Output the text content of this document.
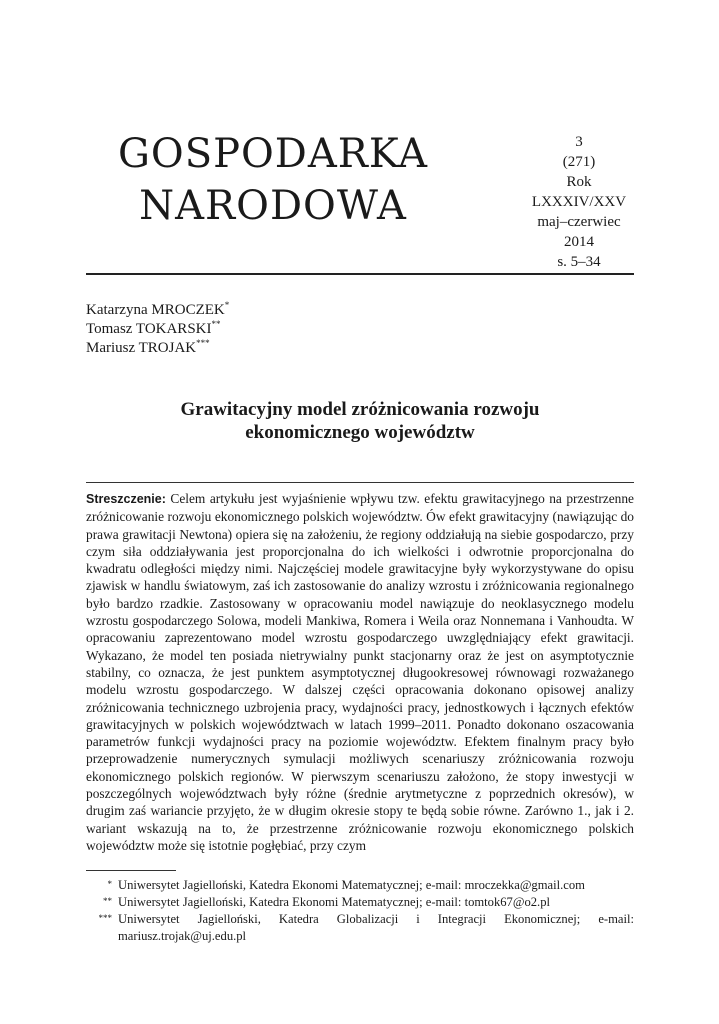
GOSPODARKA
NARODOWA
3
(271)
Rok LXXXIV/XXV
maj–czerwiec
2014
s. 5–34
Katarzyna MROCZEK*
Tomasz TOKARSKI**
Mariusz TROJAK***
Grawitacyjny model zróżnicowania rozwoju
ekonomicznego województw
Streszczenie: Celem artykułu jest wyjaśnienie wpływu tzw. efektu grawitacyjnego na przestrzenne zróżnicowanie rozwoju ekonomicznego polskich województw. Ów efekt grawitacyjny (nawiązując do prawa grawitacji Newtona) opiera się na założeniu, że regiony oddziałują na siebie gospodarczo, przy czym siła oddziaływania jest proporcjonalna do ich wielkości i odwrotnie proporcjonalna do kwadratu odległości między nimi. Najczęściej modele grawitacyjne były wykorzystywane do opisu zjawisk w handlu światowym, zaś ich zastosowanie do analizy wzrostu i zróżnicowania regionalnego było bardzo rzadkie. Zastosowany w opracowaniu model nawiązuje do neoklasycznego modelu wzrostu gospodarczego Solowa, modeli Mankiwa, Romera i Weila oraz Nonnemana i Vanhoudta. W opracowaniu zaprezentowano model wzrostu gospodarczego uwzględniający efekt grawitacji. Wykazano, że model ten posiada nietrywialny punkt stacjonarny oraz że jest on asymptotycznie stabilny, co oznacza, że jest punktem asymptotycznej długookresowej równowagi rozważanego modelu wzrostu gospodarczego. W dalszej części opracowania dokonano opisowej analizy zróżnicowania technicznego uzbrojenia pracy, wydajności pracy, jednostkowych i łącznych efektów grawitacyjnych w polskich województwach w latach 1999–2011. Ponadto dokonano oszacowania parametrów funkcji wydajności pracy na poziomie województw. Efektem finalnym pracy było przeprowadzenie numerycznych symulacji możliwych scenariuszy zróżnicowania rozwoju ekonomicznego polskich regionów. W pierwszym scenariuszu założono, że stopy inwestycji w poszczególnych województwach były różne (średnie arytmetyczne z poprzednich okresów), w drugim zaś wariancie przyjęto, że w długim okresie stopy te będą sobie równe. Zarówno 1., jak i 2. wariant wskazują na to, że przestrzenne zróżnicowanie rozwoju ekonomicznego polskich województw może się istotnie pogłębiać, przy czym
* Uniwersytet Jagielloński, Katedra Ekonomi Matematycznej; e-mail: mroczekka@gmail.com
** Uniwersytet Jagielloński, Katedra Ekonomi Matematycznej; e-mail: tomtok67@o2.pl
*** Uniwersytet Jagielloński, Katedra Globalizacji i Integracji Ekonomicznej; e-mail: mariusz.trojak@uj.edu.pl
